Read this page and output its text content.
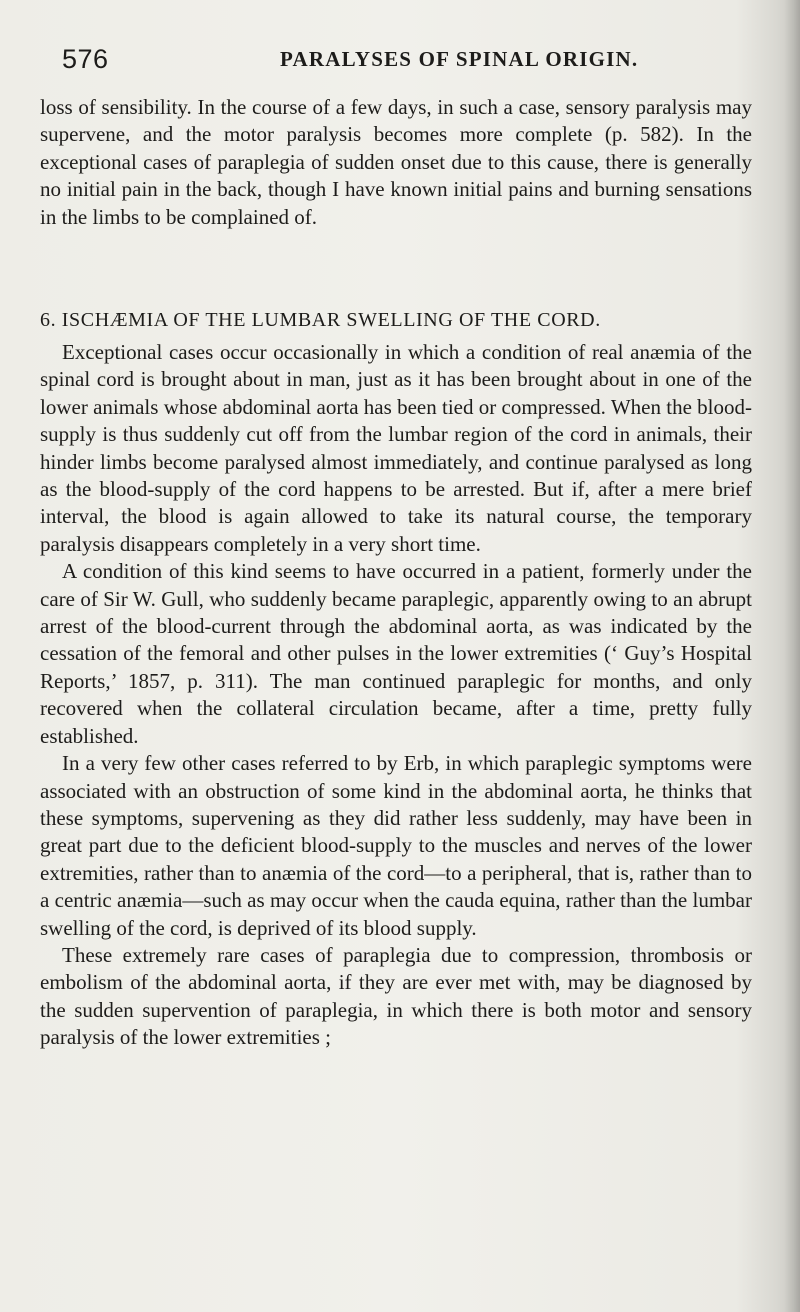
576	PARALYSES OF SPINAL ORIGIN.

loss of sensibility. In the course of a few days, in such a case, sensory paralysis may supervene, and the motor paralysis becomes more complete (p. 582). In the exceptional cases of paraplegia of sudden onset due to this cause, there is generally no initial pain in the back, though I have known initial pains and burning sensations in the limbs to be complained of.

6. ISCHÆMIA OF THE LUMBAR SWELLING OF THE CORD.

Exceptional cases occur occasionally in which a condition of real anæmia of the spinal cord is brought about in man, just as it has been brought about in one of the lower animals whose abdominal aorta has been tied or compressed. When the blood-supply is thus suddenly cut off from the lumbar region of the cord in animals, their hinder limbs become paralysed almost immediately, and continue paralysed as long as the blood-supply of the cord happens to be arrested. But if, after a mere brief interval, the blood is again allowed to take its natural course, the temporary paralysis disappears completely in a very short time.

A condition of this kind seems to have occurred in a patient, formerly under the care of Sir W. Gull, who suddenly became paraplegic, apparently owing to an abrupt arrest of the blood-current through the abdominal aorta, as was indicated by the cessation of the femoral and other pulses in the lower extremities (‘ Guy’s Hospital Reports,’ 1857, p. 311). The man continued paraplegic for months, and only recovered when the collateral circulation became, after a time, pretty fully established.

In a very few other cases referred to by Erb, in which paraplegic symptoms were associated with an obstruction of some kind in the abdominal aorta, he thinks that these symptoms, supervening as they did rather less suddenly, may have been in great part due to the deficient blood-supply to the muscles and nerves of the lower extremities, rather than to anæmia of the cord—to a peripheral, that is, rather than to a centric anæmia—such as may occur when the cauda equina, rather than the lumbar swelling of the cord, is deprived of its blood supply.

These extremely rare cases of paraplegia due to compression, thrombosis or embolism of the abdominal aorta, if they are ever met with, may be diagnosed by the sudden supervention of paraplegia, in which there is both motor and sensory paralysis of the lower extremities ;
